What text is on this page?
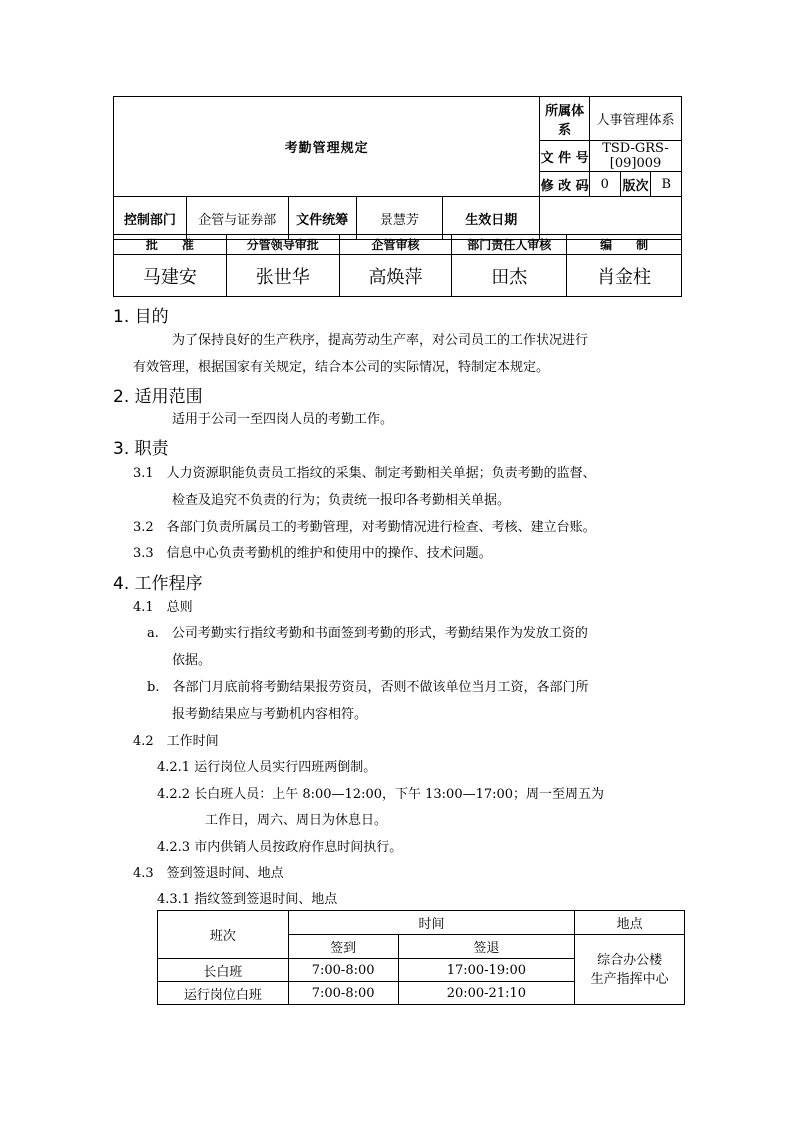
考勤管理规定	所属体系	人事管理体系
文 件 号	TSD-GRS-[09]009
修 改 码	0	版次	B

控制部门	企管与证券部	文件统筹	景慧芳	生效日期	
批　　准	分管领导审批	企管审核	部门责任人审核	编　　制
马建安	张世华	高焕萍	田杰	肖金柱
1. 目的
为了保持良好的生产秩序，提高劳动生产率，对公司员工的工作状况进行
有效管理，根据国家有关规定，结合本公司的实际情况，特制定本规定。
2. 适用范围
适用于公司一至四岗人员的考勤工作。
3. 职责
3.1　人力资源职能负责员工指纹的采集、制定考勤相关单据；负责考勤的监督、
检查及追究不负责的行为；负责统一报印各考勤相关单据。
3.2　各部门负责所属员工的考勤管理，对考勤情况进行检查、考核、建立台账。
3.3　信息中心负责考勤机的维护和使用中的操作、技术问题。
4. 工作程序
4.1　总则
a.　公司考勤实行指纹考勤和书面签到考勤的形式，考勤结果作为发放工资的
依据。
b.　各部门月底前将考勤结果报劳资员，否则不做该单位当月工资，各部门所
报考勤结果应与考勤机内容相符。
4.2　工作时间
4.2.1 运行岗位人员实行四班两倒制。
4.2.2 长白班人员：上午 8:00—12:00，下午 13:00—17:00；周一至周五为
工作日，周六、周日为休息日。
4.2.3 市内供销人员按政府作息时间执行。
4.3　签到签退时间、地点
4.3.1 指纹签到签退时间、地点
班次	时间		地点
	签到	签退	综合办公楼
生产指挥中心
长白班	7:00-8:00	17:00-19:00	
运行岗位白班	7:00-8:00	20:00-21:10	
